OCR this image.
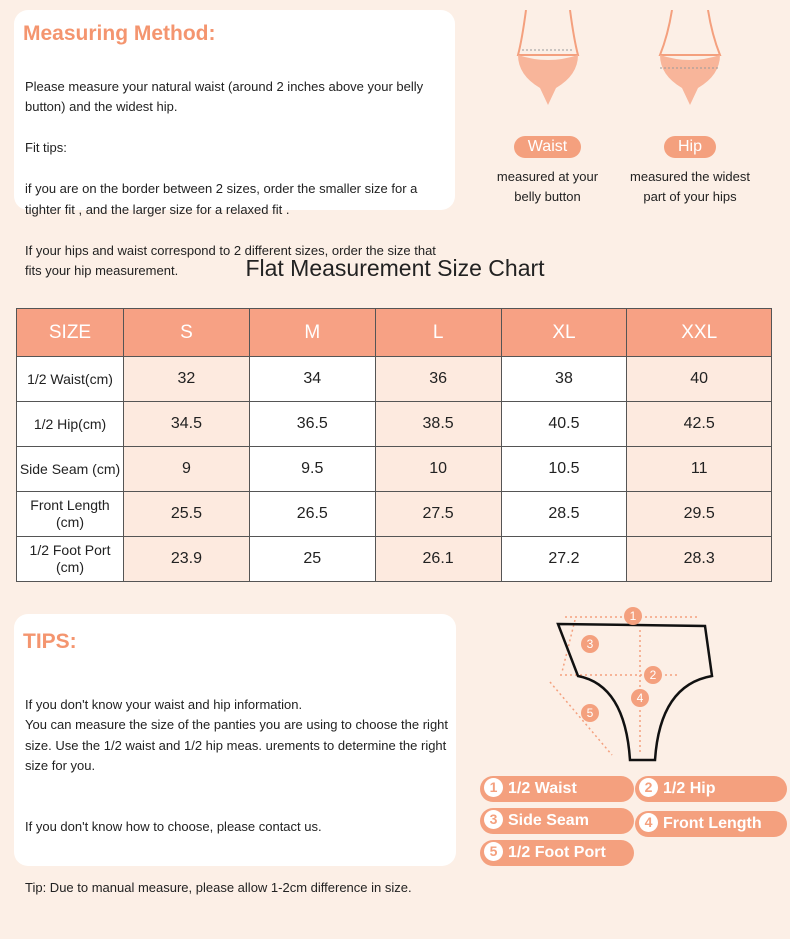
Measuring Method:

Please measure your natural waist (around 2 inches above your belly button) and the widest hip.

Fit tips:

if you are on the border between 2 sizes, order the smaller size for a tighter fit , and the larger size for a relaxed fit .

If your hips and waist correspond to 2 different sizes, order the size that fits your hip measurement.

Waist
measured at your belly button

Hip
measured the widest part of your hips
Flat Measurement Size Chart
SIZE	S	M	L	XL	XXL
1/2 Waist(cm)	32	34	36	38	40
1/2 Hip(cm)	34.5	36.5	38.5	40.5	42.5
Side Seam (cm)	9	9.5	10	10.5	11
Front Length (cm)	25.5	26.5	27.5	28.5	29.5
1/2 Foot Port (cm)	23.9	25	26.1	27.2	28.3
TIPS:

If you don't know your waist and hip information.
You can measure the size of the panties you are using to choose the right size. Use the 1/2 waist and 1/2 hip meas. urements to determine the right size for you.

If you don't know how to choose, please contact us.

Tip: Due to manual measure, please allow 1-2cm difference in size.

1
2
3
4
5
1 1/2 Waist	2 1/2 Hip
3 Side Seam	4 Front Length
5 1/2 Foot Port
